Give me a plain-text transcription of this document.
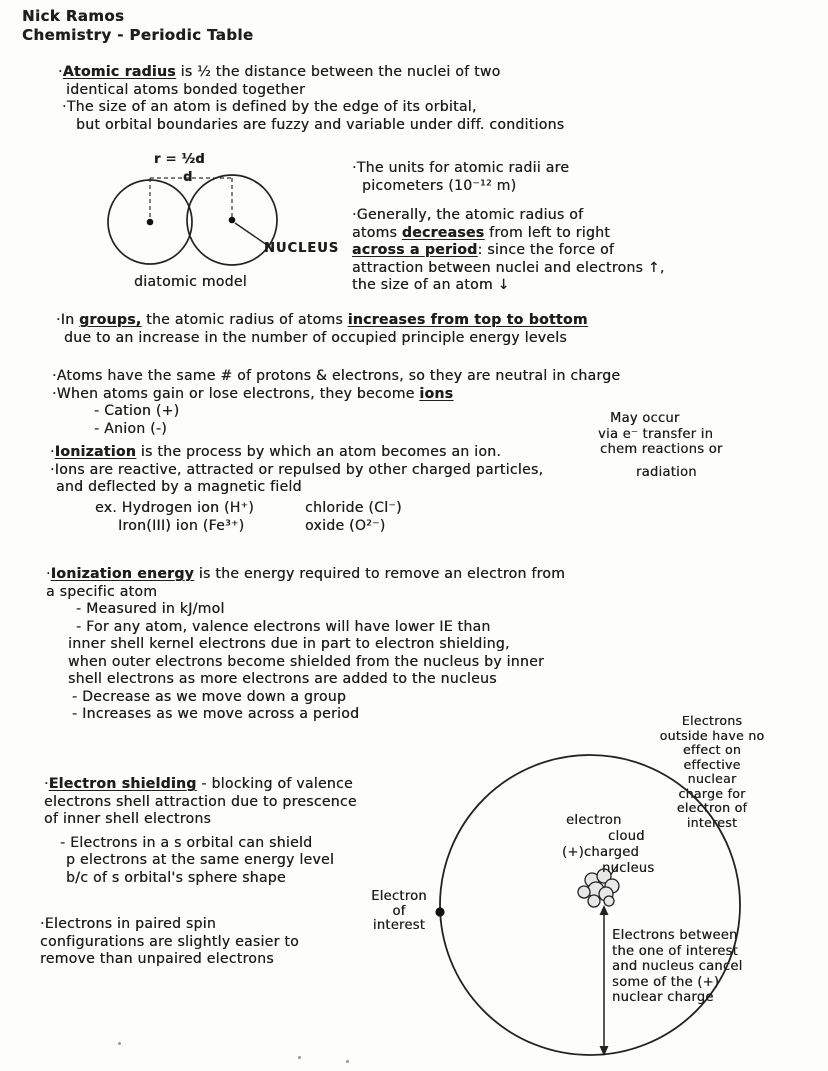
Nick Ramos
Chemistry - Periodic Table
·Atomic radius is ½ the distance between the nuclei of two
identical atoms bonded together
·The size of an atom is defined by the edge of its orbital,
but orbital boundaries are fuzzy and variable under diff. conditions
r = ½d
d
NUCLEUS
diatomic model
·The units for atomic radii are
picometers (10⁻¹² m)
·Generally, the atomic radius of
atoms decreases from left to right
across a period: since the force of
attraction between nuclei and electrons ↑,
the size of an atom ↓
·In groups, the atomic radius of atoms increases from top to bottom
due to an increase in the number of occupied principle energy levels
·Atoms have the same # of protons & electrons, so they are neutral in charge
·When atoms gain or lose electrons, they become ions
- Cation (+)
- Anion (-)
May occur
via e⁻ transfer in
chem reactions or
radiation
·Ionization is the process by which an atom becomes an ion.
·Ions are reactive, attracted or repulsed by other charged particles,
and deflected by a magnetic field
ex. Hydrogen ion (H⁺)	chloride (Cl⁻)
Iron(III) ion (Fe³⁺)	oxide (O²⁻)
·Ionization energy is the energy required to remove an electron from
a specific atom
- Measured in kJ/mol
- For any atom, valence electrons will have lower IE than
inner shell kernel electrons due in part to electron shielding,
when outer electrons become shielded from the nucleus by inner
shell electrons as more electrons are added to the nucleus
- Decrease as we move down a group
- Increases as we move across a period
·Electron shielding - blocking of valence
electrons shell attraction due to prescence
of inner shell electrons
- Electrons in a s orbital can shield
p electrons at the same energy level
b/c of s orbital's sphere shape
·Electrons in paired spin
configurations are slightly easier to
remove than unpaired electrons
electron
cloud
(+)charged
nucleus
Electron
of
interest
Electrons
outside have no
effect on
effective
nuclear
charge for
electron of
interest
Electrons between
the one of interest
and nucleus cancel
some of the (+)
nuclear charge
